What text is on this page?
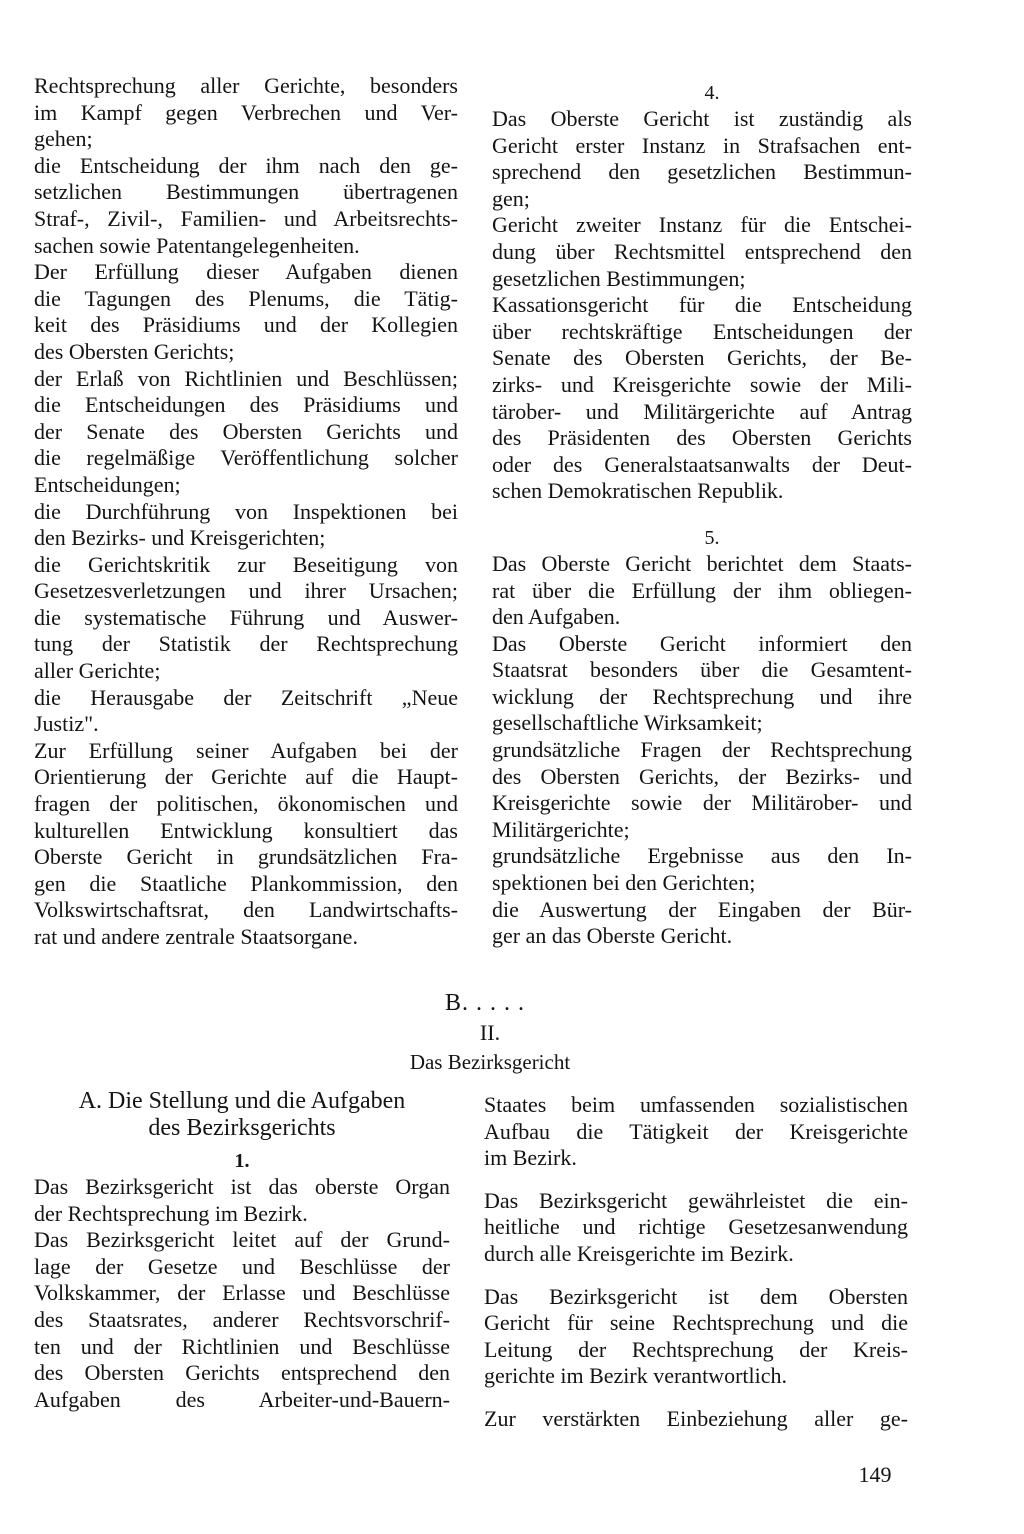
Rechtsprechung aller Gerichte, besonders
im Kampf gegen Verbrechen und Ver-
gehen;
die Entscheidung der ihm nach den ge-
setzlichen Bestimmungen übertragenen
Straf-, Zivil-, Familien- und Arbeitsrechts-
sachen sowie Patentangelegenheiten.
Der Erfüllung dieser Aufgaben dienen
die Tagungen des Plenums, die Tätig-
keit des Präsidiums und der Kollegien
des Obersten Gerichts;
der Erlaß von Richtlinien und Beschlüssen;
die Entscheidungen des Präsidiums und
der Senate des Obersten Gerichts und
die regelmäßige Veröffentlichung solcher
Entscheidungen;
die Durchführung von Inspektionen bei
den Bezirks- und Kreisgerichten;
die Gerichtskritik zur Beseitigung von
Gesetzesverletzungen und ihrer Ursachen;
die systematische Führung und Auswer-
tung der Statistik der Rechtsprechung
aller Gerichte;
die Herausgabe der Zeitschrift „Neue
Justiz".
Zur Erfüllung seiner Aufgaben bei der
Orientierung der Gerichte auf die Haupt-
fragen der politischen, ökonomischen und
kulturellen Entwicklung konsultiert das
Oberste Gericht in grundsätzlichen Fra-
gen die Staatliche Plankommission, den
Volkswirtschaftsrat, den Landwirtschafts-
rat und andere zentrale Staatsorgane.
4.
Das Oberste Gericht ist zuständig als
Gericht erster Instanz in Strafsachen ent-
sprechend den gesetzlichen Bestimmun-
gen;
Gericht zweiter Instanz für die Entschei-
dung über Rechtsmittel entsprechend den
gesetzlichen Bestimmungen;
Kassationsgericht für die Entscheidung
über rechtskräftige Entscheidungen der
Senate des Obersten Gerichts, der Be-
zirks- und Kreisgerichte sowie der Mili-
tärober- und Militärgerichte auf Antrag
des Präsidenten des Obersten Gerichts
oder des Generalstaatsanwalts der Deut-
schen Demokratischen Republik.
5.
Das Oberste Gericht berichtet dem Staats-
rat über die Erfüllung der ihm obliegen-
den Aufgaben.
Das Oberste Gericht informiert den
Staatsrat besonders über die Gesamtent-
wicklung der Rechtsprechung und ihre
gesellschaftliche Wirksamkeit;
grundsätzliche Fragen der Rechtsprechung
des Obersten Gerichts, der Bezirks- und
Kreisgerichte sowie der Militärober- und
Militärgerichte;
grundsätzliche Ergebnisse aus den In-
spektionen bei den Gerichten;
die Auswertung der Eingaben der Bür-
ger an das Oberste Gericht.
B. . . . .
II.
Das Bezirksgericht
A. Die Stellung und die Aufgaben
des Bezirksgerichts
1.
Das Bezirksgericht ist das oberste Organ
der Rechtsprechung im Bezirk.
Das Bezirksgericht leitet auf der Grund-
lage der Gesetze und Beschlüsse der
Volkskammer, der Erlasse und Beschlüsse
des Staatsrates, anderer Rechtsvorschrif-
ten und der Richtlinien und Beschlüsse
des Obersten Gerichts entsprechend den
Aufgaben des Arbeiter-und-Bauern-
Staates beim umfassenden sozialistischen
Aufbau die Tätigkeit der Kreisgerichte
im Bezirk.
Das Bezirksgericht gewährleistet die ein-
heitliche und richtige Gesetzesanwendung
durch alle Kreisgerichte im Bezirk.
Das Bezirksgericht ist dem Obersten
Gericht für seine Rechtsprechung und die
Leitung der Rechtsprechung der Kreis-
gerichte im Bezirk verantwortlich.
Zur verstärkten Einbeziehung aller ge-
149
